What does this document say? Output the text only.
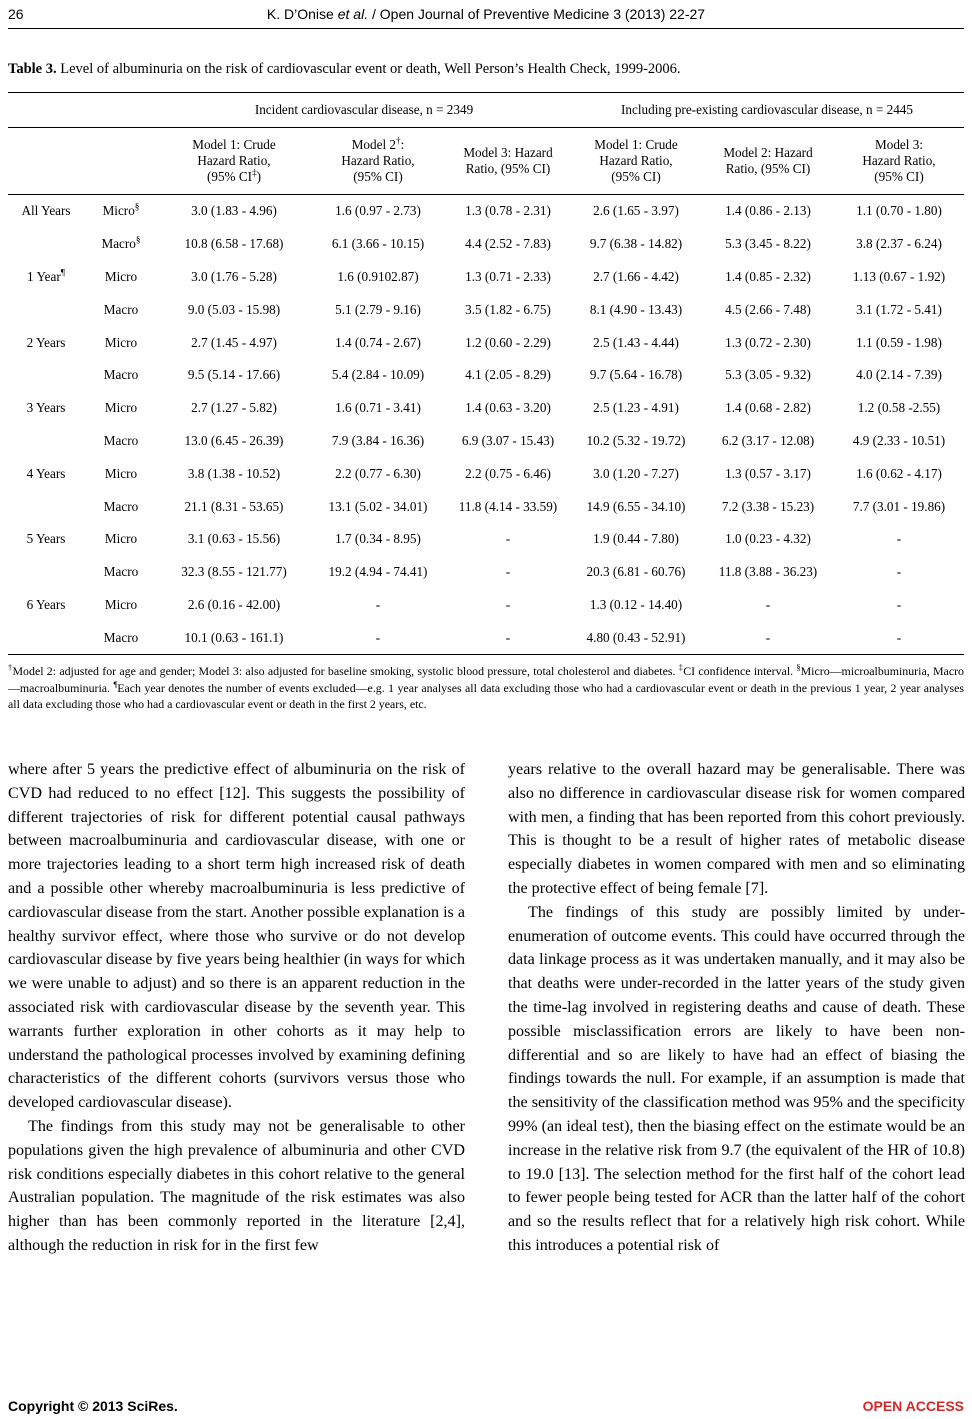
26	K. D’Onise et al. / Open Journal of Preventive Medicine 3 (2013) 22-27
Table 3. Level of albuminuria on the risk of cardiovascular event or death, Well Person’s Health Check, 1999-2006.
		Incident cardiovascular disease, n = 2349			Including pre-existing cardiovascular disease, n = 2445		
		Model 1: Crude
Hazard Ratio,
(95% CI‡)	Model 2†:
Hazard Ratio,
(95% CI)	Model 3: Hazard
Ratio, (95% CI)	Model 1: Crude
Hazard Ratio,
(95% CI)	Model 2: Hazard
Ratio, (95% CI)	Model 3:
Hazard Ratio,
(95% CI)
All Years	Micro§	3.0 (1.83 - 4.96)	1.6 (0.97 - 2.73)	1.3 (0.78 - 2.31)	2.6 (1.65 - 3.97)	1.4 (0.86 - 2.13)	1.1 (0.70 - 1.80)
	Macro§	10.8 (6.58 - 17.68)	6.1 (3.66 - 10.15)	4.4 (2.52 - 7.83)	9.7 (6.38 - 14.82)	5.3 (3.45 - 8.22)	3.8 (2.37 - 6.24)
1 Year¶	Micro	3.0 (1.76 - 5.28)	1.6 (0.9102.87)	1.3 (0.71 - 2.33)	2.7 (1.66 - 4.42)	1.4 (0.85 - 2.32)	1.13 (0.67 - 1.92)
	Macro	9.0 (5.03 - 15.98)	5.1 (2.79 - 9.16)	3.5 (1.82 - 6.75)	8.1 (4.90 - 13.43)	4.5 (2.66 - 7.48)	3.1 (1.72 - 5.41)
2 Years	Micro	2.7 (1.45 - 4.97)	1.4 (0.74 - 2.67)	1.2 (0.60 - 2.29)	2.5 (1.43 - 4.44)	1.3 (0.72 - 2.30)	1.1 (0.59 - 1.98)
	Macro	9.5 (5.14 - 17.66)	5.4 (2.84 - 10.09)	4.1 (2.05 - 8.29)	9.7 (5.64 - 16.78)	5.3 (3.05 - 9.32)	4.0 (2.14 - 7.39)
3 Years	Micro	2.7 (1.27 - 5.82)	1.6 (0.71 - 3.41)	1.4 (0.63 - 3.20)	2.5 (1.23 - 4.91)	1.4 (0.68 - 2.82)	1.2 (0.58 -2.55)
	Macro	13.0 (6.45 - 26.39)	7.9 (3.84 - 16.36)	6.9 (3.07 - 15.43)	10.2 (5.32 - 19.72)	6.2 (3.17 - 12.08)	4.9 (2.33 - 10.51)
4 Years	Micro	3.8 (1.38 - 10.52)	2.2 (0.77 - 6.30)	2.2 (0.75 - 6.46)	3.0 (1.20 - 7.27)	1.3 (0.57 - 3.17)	1.6 (0.62 - 4.17)
	Macro	21.1 (8.31 - 53.65)	13.1 (5.02 - 34.01)	11.8 (4.14 - 33.59)	14.9 (6.55 - 34.10)	7.2 (3.38 - 15.23)	7.7 (3.01 - 19.86)
5 Years	Micro	3.1 (0.63 - 15.56)	1.7 (0.34 - 8.95)	-	1.9 (0.44 - 7.80)	1.0 (0.23 - 4.32)	-
	Macro	32.3 (8.55 - 121.77)	19.2 (4.94 - 74.41)	-	20.3 (6.81 - 60.76)	11.8 (3.88 - 36.23)	-
6 Years	Micro	2.6 (0.16 - 42.00)	-	-	1.3 (0.12 - 14.40)	-	-
	Macro	10.1 (0.63 - 161.1)	-	-	4.80 (0.43 - 52.91)	-	-
†Model 2: adjusted for age and gender; Model 3: also adjusted for baseline smoking, systolic blood pressure, total cholesterol and diabetes. ‡CI confidence interval. §Micro—microalbuminuria, Macro—macroalbuminuria. ¶Each year denotes the number of events excluded—e.g. 1 year analyses all data excluding those who had a cardiovascular event or death in the previous 1 year, 2 year analyses all data excluding those who had a cardiovascular event or death in the first 2 years, etc.

where after 5 years the predictive effect of albuminuria on the risk of CVD had reduced to no effect [12]. This suggests the possibility of different trajectories of risk for different potential causal pathways between macroalbuminuria and cardiovascular disease, with one or more trajectories leading to a short term high increased risk of death and a possible other whereby macroalbuminuria is less predictive of cardiovascular disease from the start. Another possible explanation is a healthy survivor effect, where those who survive or do not develop cardiovascular disease by five years being healthier (in ways for which we were unable to adjust) and so there is an apparent reduction in the associated risk with cardiovascular disease by the seventh year. This warrants further exploration in other cohorts as it may help to understand the pathological processes involved by examining defining characteristics of the different cohorts (survivors versus those who developed cardiovascular disease).

The findings from this study may not be generalisable to other populations given the high prevalence of albuminuria and other CVD risk conditions especially diabetes in this cohort relative to the general Australian population. The magnitude of the risk estimates was also higher than has been commonly reported in the literature [2,4], although the reduction in risk for in the first few

years relative to the overall hazard may be generalisable. There was also no difference in cardiovascular disease risk for women compared with men, a finding that has been reported from this cohort previously. This is thought to be a result of higher rates of metabolic disease especially diabetes in women compared with men and so eliminating the protective effect of being female [7].

The findings of this study are possibly limited by under-enumeration of outcome events. This could have occurred through the data linkage process as it was undertaken manually, and it may also be that deaths were under-recorded in the latter years of the study given the time-lag involved in registering deaths and cause of death. These possible misclassification errors are likely to have been non-differential and so are likely to have had an effect of biasing the findings towards the null. For example, if an assumption is made that the sensitivity of the classification method was 95% and the specificity 99% (an ideal test), then the biasing effect on the estimate would be an increase in the relative risk from 9.7 (the equivalent of the HR of 10.8) to 19.0 [13]. The selection method for the first half of the cohort lead to fewer people being tested for ACR than the latter half of the cohort and so the results reflect that for a relatively high risk cohort. While this introduces a potential risk of

Copyright © 2013 SciRes.	OPEN ACCESS
